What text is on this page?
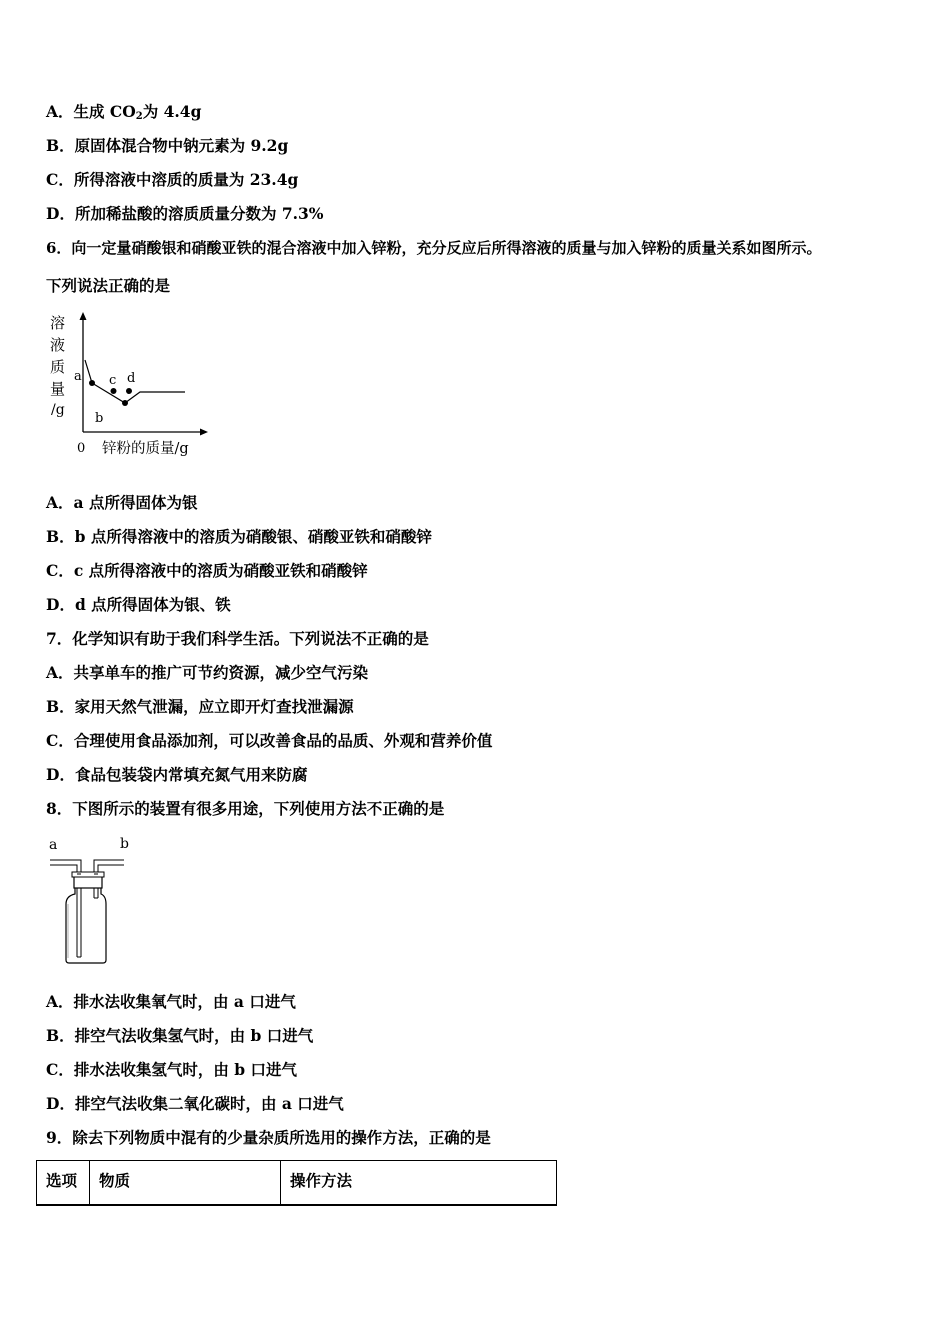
A．生成 $CO_2$为 4.4g
B．原固体混合物中钠元素为 9.2g
C．所得溶液中溶质的质量为 23.4g
D．所加稀盐酸的溶质质量分数为 7.3%
6．向一定量硝酸银和硝酸亚铁的混合溶液中加入锌粉，充分反应后所得溶液的质量与加入锌粉的质量关系如图所示。
下列说法正确的是
溶
液
质
量
/g
a
b
c d
0 锌粉的质量/g
A．a 点所得固体为银
B．b 点所得溶液中的溶质为硝酸银、硝酸亚铁和硝酸锌
C．c 点所得溶液中的溶质为硝酸亚铁和硝酸锌
D．d 点所得固体为银、铁
7．化学知识有助于我们科学生活。下列说法不正确的是
A．共享单车的推广可节约资源，减少空气污染
B．家用天然气泄漏，应立即开灯查找泄漏源
C．合理使用食品添加剂，可以改善食品的品质、外观和营养价值
D．食品包装袋内常填充氮气用来防腐
8．下图所示的装置有很多用途，下列使用方法不正确的是
a	b
A．排水法收集氧气时，由 a 口进气
B．排空气法收集氢气时，由 b 口进气
C．排水法收集氢气时，由 b 口进气
D．排空气法收集二氧化碳时，由 a 口进气
9．除去下列物质中混有的少量杂质所选用的操作方法，正确的是
选项	物质	操作方法
